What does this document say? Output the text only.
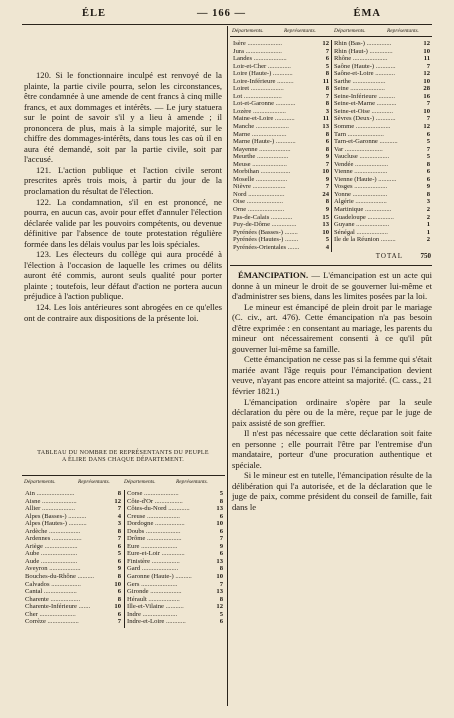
ÉLE	— 166 —	ÉMA

120. Si le fonctionnaire inculpé est renvoyé de la plainte, la partie civile pourra, selon les circonstances, être condamnée à une amende de cent francs à cinq mille francs, et aux dommages et intérêts. — Le jury statuera sur le point de savoir s'il y a lieu à amende ; il prononcera de plus, mais à la simple majorité, sur le chiffre des dommages-intérêts, dans tous les cas où il en aura été demandé, soit par la partie civile, soit par l'accusé.

121. L'action publique et l'action civile seront prescrites après trois mois, à partir du jour de la proclamation du résultat de l'élection.

122. La condamnation, s'il en est prononcé, ne pourra, en aucun cas, avoir pour effet d'annuler l'élection déclarée valide par les pouvoirs compétents, ou devenue définitive par l'absence de toute protestation régulière formée dans les délais voulus par les lois spéciales.

123. Les électeurs du collège qui aura procédé à l'élection à l'occasion de laquelle les crimes ou délits auront été commis, auront seuls qualité pour porter plainte ; toutefois, leur défaut d'action ne portera aucun préjudice à l'action publique.

124. Les lois antérieures sont abrogées en ce qu'elles ont de contraire aux dispositions de la présente loi.

TABLEAU DU NOMBRE DE REPRÉSENTANTS DU PEUPLE
A ÉLIRE DANS CHAQUE DÉPARTEMENT.
Départements.	Représentants.	Départements.	Représentants.
Ain .......................	8
Aisne .....................	12
Allier ....................	7
Alpes (Basses-) ...........	4
Alpes (Hautes-) ...........	3
Ardèche ...................	8
Ardennes ..................	7
Ariège ....................	6
Aube ......................	5
Aude ......................	6
Aveyron ...................	9
Bouches-du-Rhône ..........	8
Calvados ..................	10
Cantal ....................	6
Charente ..................	8
Charente-Inférieure .......	10
Cher ......................	6
Corrèze ...................	7
Corse .....................	5
Côte-d'Or .................	8
Côtes-du-Nord .............	13
Creuse ....................	6
Dordogne ..................	10
Doubs .....................	6
Drôme .....................	7
Eure ......................	9
Eure-et-Loir ..............	6
Finistère .................	13
Gard ......................	8
Garonne (Haute-) ..........	10
Gers ......................	7
Gironde ...................	13
Hérault ...................	8
Ille-et-Vilaine ...........	12
Indre .....................	5
Indre-et-Loire ............	6
Départements.	Représentants.	Départements.	Représentants.
Isère .....................	12
Jura ......................	7
Landes ....................	6
Loir-et-Cher ..............	5
Loire (Haute-) ............	8
Loire-Inférieure ..........	11
Loiret ....................	8
Lot .......................	7
Lot-et-Garonne ............	8
Lozère ....................	3
Maine-et-Loire ............	11
Manche ....................	13
Marne .....................	8
Marne (Haute-) ............	6
Mayenne ...................	8
Meurthe ...................	9
Meuse .....................	7
Morbihan ..................	10
Moselle ...................	9
Nièvre ....................	7
Nord ......................	24
Oise ......................	8
Orne ......................	9
Pas-de-Calais .............	15
Puy-de-Dôme ...............	13
Pyrénées (Basses-) ........	10
Pyrénées (Hautes-) ........	5
Pyrénées-Orientales .......	4
Rhin (Bas-) ...............	12
Rhin (Haut-) ..............	10
Rhône .....................	11
Saône (Haute-) ............	7
Saône-et-Loire ............	12
Sarthe ....................	10
Seine .....................	28
Seine-Inférieure ..........	16
Seine-et-Marne ............	7
Seine-et-Oise .............	10
Sèvres (Deux-) ............	7
Somme .....................	12
Tarn ......................	6
Tarn-et-Garonne ...........	5
Var .......................	7
Vaucluse ..................	5
Vendée ....................	8
Vienne ....................	6
Vienne (Haute-) ...........	6
Vosges ....................	9
Yonne .....................	8
Algérie ...................	3
Martinique ................	2
Guadeloupe ................	2
Guyane ....................	1
Sénégal ...................	1
Ile de la Réunion .........	2
TOTAL	750

ÉMANCIPATION. — L'émancipation est un acte qui donne à un mineur le droit de se gouverner lui-même et d'administrer ses biens, dans les limites posées par la loi.

Le mineur est émancipé de plein droit par le mariage (C. civ., art. 476). Cette émancipation n'a pas besoin d'être exprimée : en consentant au mariage, les parents du mineur ont nécessairement consenti à ce qu'il pût gouverner lui-même sa famille.

Cette émancipation ne cesse pas si la femme qui s'était mariée avant l'âge requis pour l'émancipation devient veuve, n'ayant pas encore atteint sa majorité. (C. cass., 21 février 1821.)

L'émancipation ordinaire s'opère par la seule déclaration du père ou de la mère, reçue par le juge de paix assisté de son greffier.

Il n'est pas nécessaire que cette déclaration soit faite en personne ; elle pourrait l'être par l'entremise d'un mandataire, porteur d'une procuration authentique et spéciale.

Si le mineur est en tutelle, l'émancipation résulte de la délibération qui l'a autorisée, et de la déclaration que le juge de paix, comme président du conseil de famille, fait dans le
